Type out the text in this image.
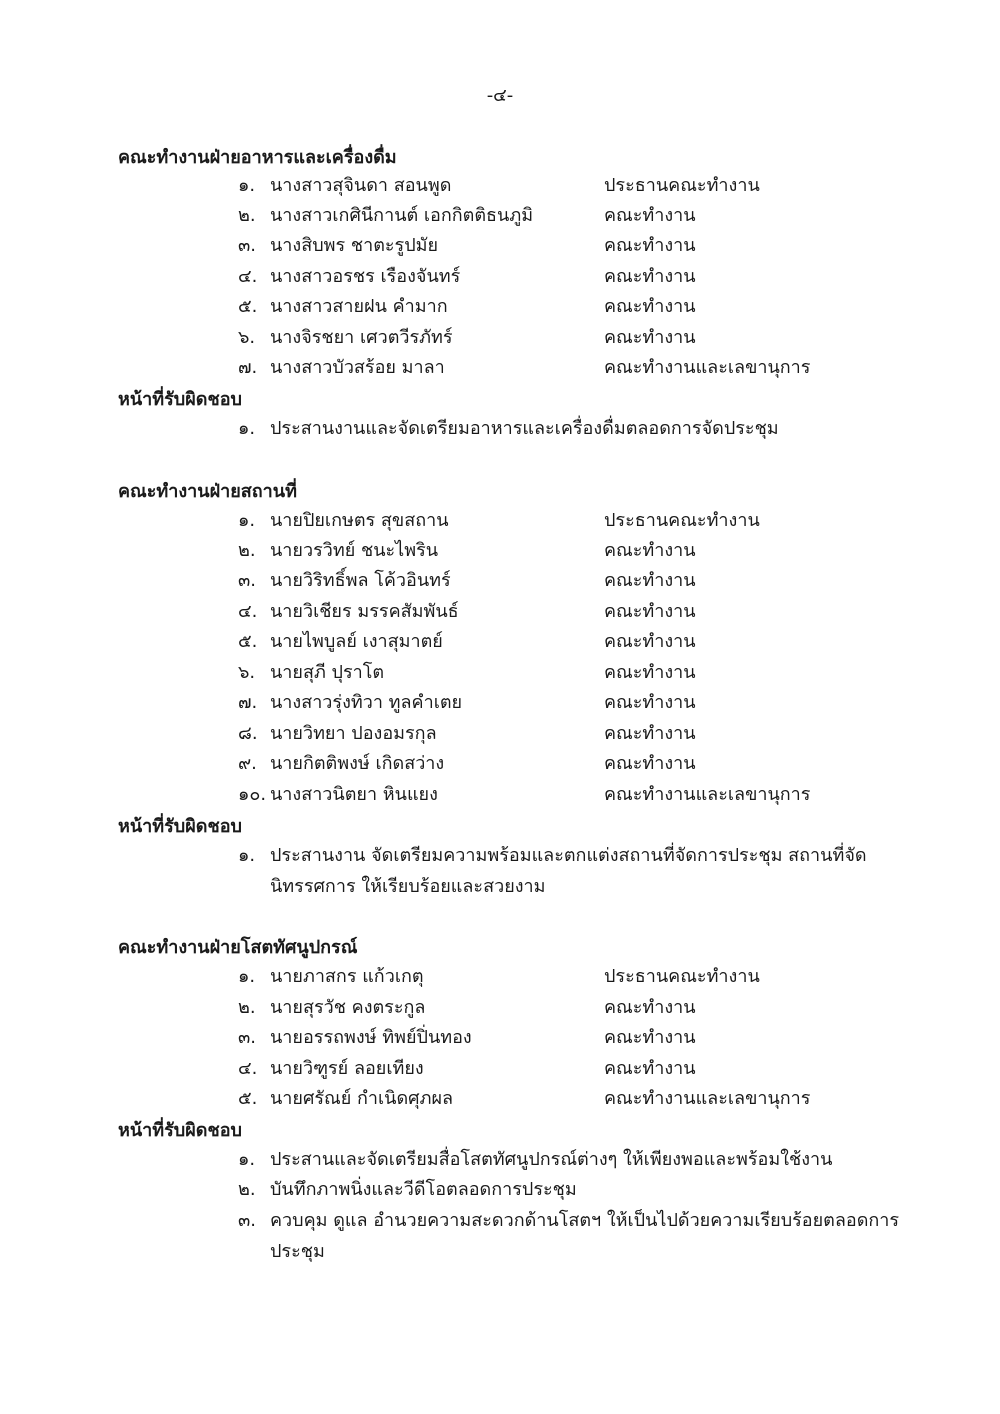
-๔-
คณะทำงานฝ่ายอาหารและเครื่องดื่ม
๑. นางสาวสุจินดา สอนพูด	ประธานคณะทำงาน
๒. นางสาวเกศินีกานต์ เอกกิตติธนภูมิ	คณะทำงาน
๓. นางสิบพร ชาตะรูปมัย	คณะทำงาน
๔. นางสาวอรชร เรืองจันทร์	คณะทำงาน
๕. นางสาวสายฝน คำมาก	คณะทำงาน
๖. นางจิรชยา เศวตวีรภัทร์	คณะทำงาน
๗. นางสาวบัวสร้อย มาลา	คณะทำงานและเลขานุการ
หน้าที่รับผิดชอบ
๑. ประสานงานและจัดเตรียมอาหารและเครื่องดื่มตลอดการจัดประชุม
คณะทำงานฝ่ายสถานที่
๑. นายปิยเกษตร สุขสถาน	ประธานคณะทำงาน
๒. นายวรวิทย์ ชนะไพริน	คณะทำงาน
๓. นายวิริทธิ์พล โค้วอินทร์	คณะทำงาน
๔. นายวิเชียร มรรคสัมพันธ์	คณะทำงาน
๕. นายไพบูลย์ เงาสุมาตย์	คณะทำงาน
๖. นายสุภี ปุราโต	คณะทำงาน
๗. นางสาวรุ่งทิวา ทูลคำเตย	คณะทำงาน
๘. นายวิทยา ปองอมรกุล	คณะทำงาน
๙. นายกิตติพงษ์ เกิดสว่าง	คณะทำงาน
๑๐. นางสาวนิตยา หินแยง	คณะทำงานและเลขานุการ
หน้าที่รับผิดชอบ
๑. ประสานงาน จัดเตรียมความพร้อมและตกแต่งสถานที่จัดการประชุม สถานที่จัด
นิทรรศการ ให้เรียบร้อยและสวยงาม
คณะทำงานฝ่ายโสตทัศนูปกรณ์
๑. นายภาสกร แก้วเกตุ	ประธานคณะทำงาน
๒. นายสุรวัช คงตระกูล	คณะทำงาน
๓. นายอรรถพงษ์ ทิพย์ปิ่นทอง	คณะทำงาน
๔. นายวิฑูรย์ ลอยเทียง	คณะทำงาน
๕. นายศรัณย์ กำเนิดศุภผล	คณะทำงานและเลขานุการ
หน้าที่รับผิดชอบ
๑. ประสานและจัดเตรียมสื่อโสตทัศนูปกรณ์ต่างๆ ให้เพียงพอและพร้อมใช้งาน
๒. บันทึกภาพนิ่งและวีดีโอตลอดการประชุม
๓. ควบคุม ดูแล อำนวยความสะดวกด้านโสตฯ ให้เป็นไปด้วยความเรียบร้อยตลอดการ
ประชุม
